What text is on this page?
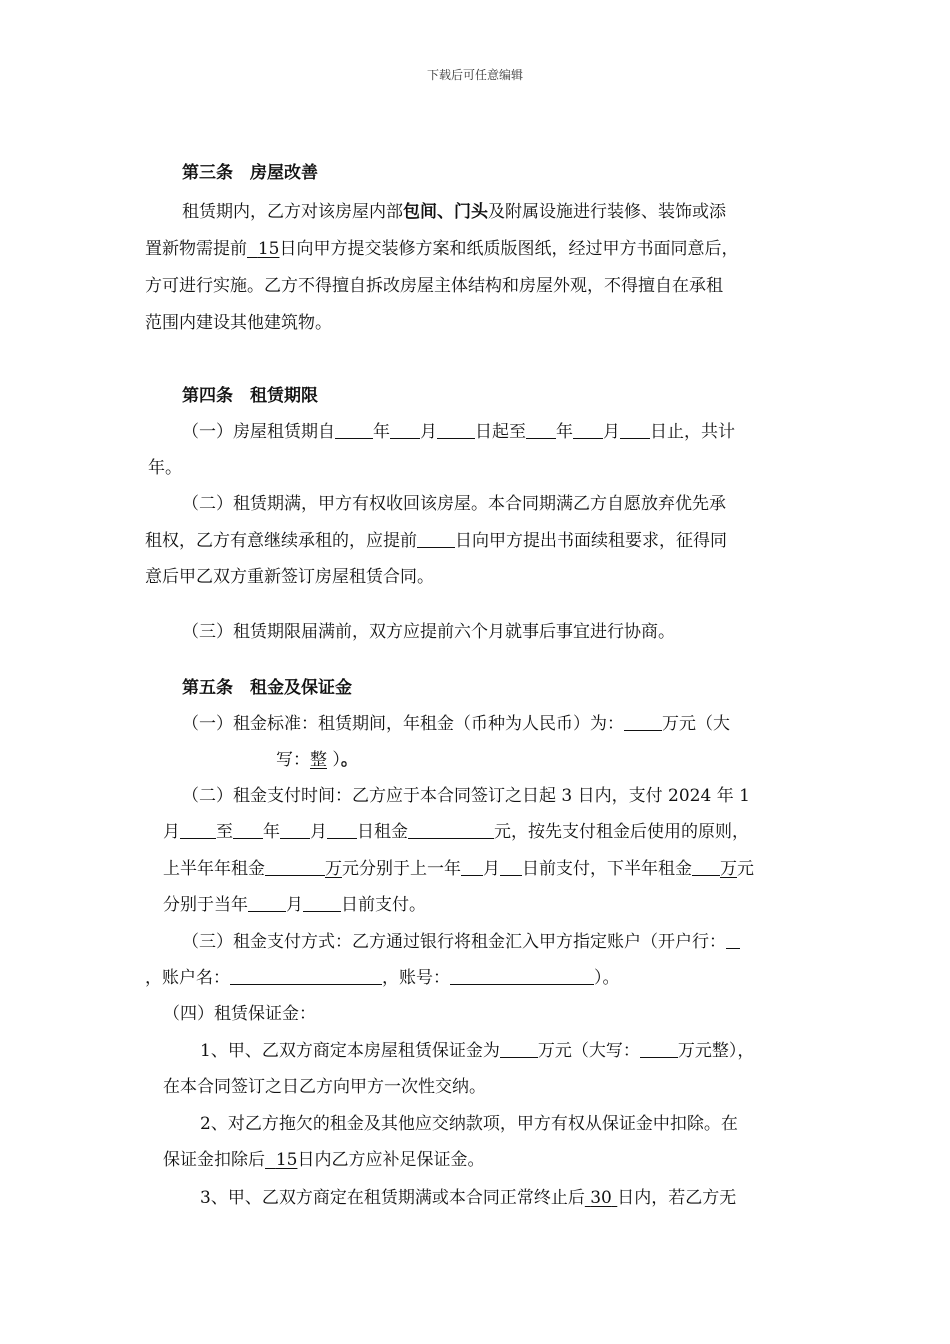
下载后可任意编辑
第三条　房屋改善
租赁期内，乙方对该房屋内部包间、门头及附属设施进行装修、装饰或添
置新物需提前 15日向甲方提交装修方案和纸质版图纸，经过甲方书面同意后，
方可进行实施。乙方不得擅自拆改房屋主体结构和房屋外观，不得擅自在承租
范围内建设其他建筑物。
第四条　租赁期限
（一）房屋租赁期自 年 月 日起至 年 月 日止，共计
年。
（二）租赁期满，甲方有权收回该房屋。本合同期满乙方自愿放弃优先承
租权，乙方有意继续承租的，应提前 日向甲方提出书面续租要求，征得同
意后甲乙双方重新签订房屋租赁合同。
（三）租赁期限届满前，双方应提前六个月就事后事宜进行协商。
第五条　租金及保证金
（一）租金标准：租赁期间，年租金（币种为人民币）为： 万元（大
写：整 ）。
（二）租金支付时间：乙方应于本合同签订之日起 3 日内，支付 2024 年 1
月 至 年 月 日租金	元，按先支付租金后使用的原则，
上半年年租金	万元分别于上一年 月 日前支付，下半年租金 万元
分别于当年 月 日前支付。
（三）租金支付方式：乙方通过银行将租金汇入甲方指定账户（开户行：
，账户名：	，账号：	）。
（四）租赁保证金：
1、甲、乙双方商定本房屋租赁保证金为 万元（大写： 万元整），
在本合同签订之日乙方向甲方一次性交纳。
2、对乙方拖欠的租金及其他应交纳款项，甲方有权从保证金中扣除。在
保证金扣除后 15日内乙方应补足保证金。
3、甲、乙双方商定在租赁期满或本合同正常终止后 30 日内，若乙方无
